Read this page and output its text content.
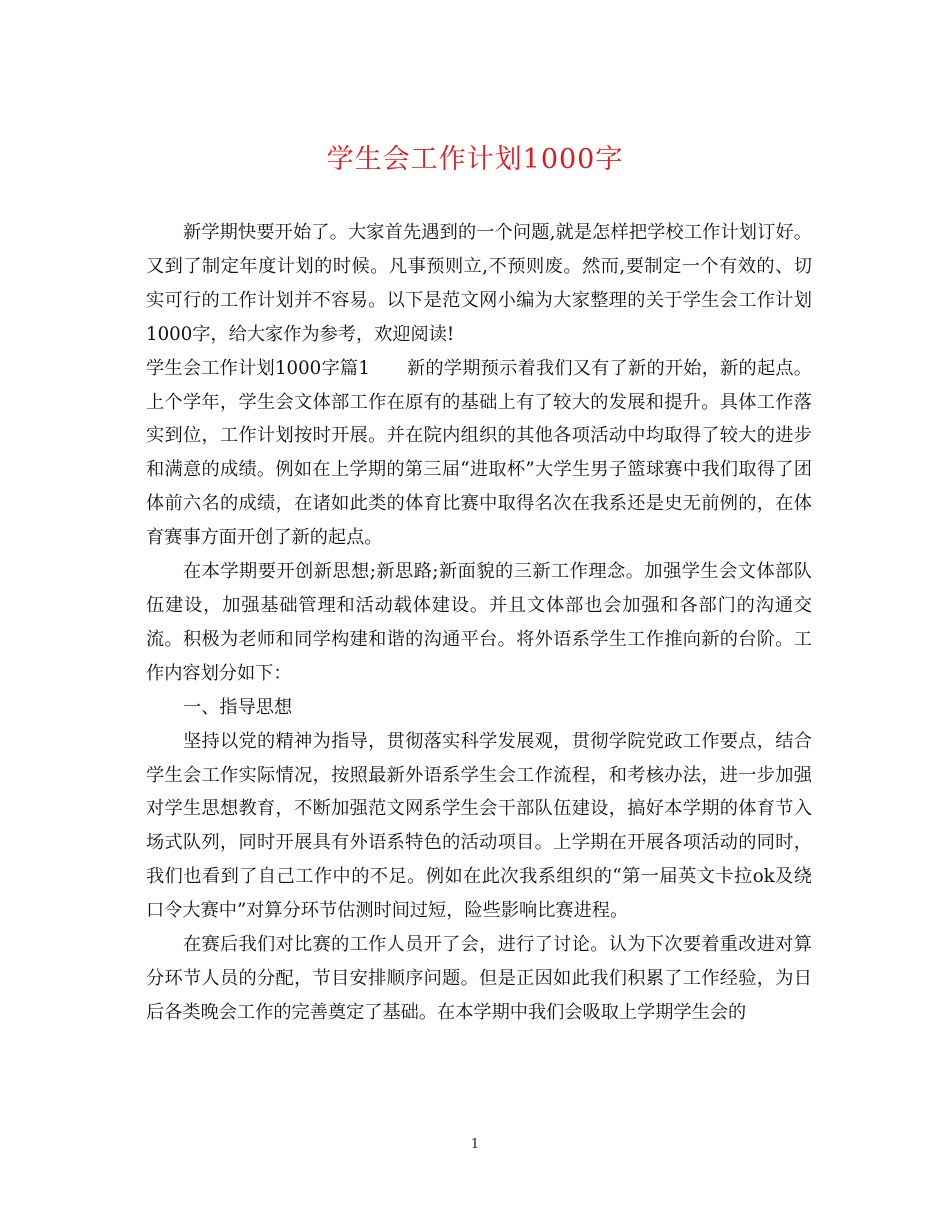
学生会工作计划1000字

新学期快要开始了。大家首先遇到的一个问题,就是怎样把学校工作计划订好。又到了制定年度计划的时候。凡事预则立,不预则废。然而,要制定一个有效的、切实可行的工作计划并不容易。以下是范文网小编为大家整理的关于学生会工作计划1000字，给大家作为参考，欢迎阅读!

学生会工作计划1000字篇1　　新的学期预示着我们又有了新的开始，新的起点。上个学年，学生会文体部工作在原有的基础上有了较大的发展和提升。具体工作落实到位，工作计划按时开展。并在院内组织的其他各项活动中均取得了较大的进步和满意的成绩。例如在上学期的第三届“进取杯”大学生男子篮球赛中我们取得了团体前六名的成绩，在诸如此类的体育比赛中取得名次在我系还是史无前例的，在体育赛事方面开创了新的起点。

在本学期要开创新思想;新思路;新面貌的三新工作理念。加强学生会文体部队伍建设，加强基础管理和活动载体建设。并且文体部也会加强和各部门的沟通交流。积极为老师和同学构建和谐的沟通平台。将外语系学生工作推向新的台阶。工作内容划分如下：

一、指导思想

坚持以党的精神为指导，贯彻落实科学发展观，贯彻学院党政工作要点，结合学生会工作实际情况，按照最新外语系学生会工作流程，和考核办法，进一步加强对学生思想教育，不断加强范文网系学生会干部队伍建设，搞好本学期的体育节入场式队列，同时开展具有外语系特色的活动项目。上学期在开展各项活动的同时，我们也看到了自己工作中的不足。例如在此次我系组织的“第一届英文卡拉ok及绕口令大赛中”对算分环节估测时间过短，险些影响比赛进程。

在赛后我们对比赛的工作人员开了会，进行了讨论。认为下次要着重改进对算分环节人员的分配，节目安排顺序问题。但是正因如此我们积累了工作经验，为日后各类晚会工作的完善奠定了基础。在本学期中我们会吸取上学期学生会的

1
